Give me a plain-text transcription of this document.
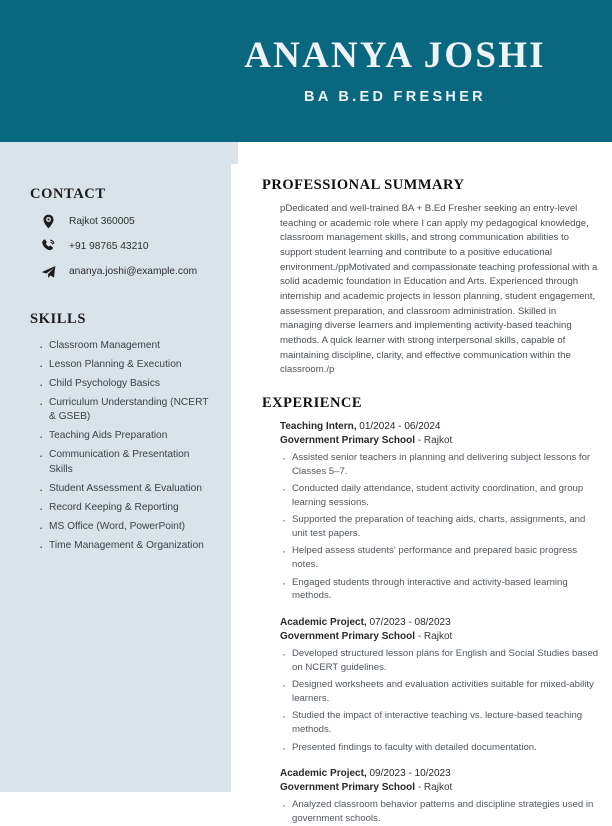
ANANYA JOSHI
BA B.ED FRESHER
CONTACT
Rajkot 360005
+91 98765 43210
ananya.joshi@example.com
SKILLS
· Classroom Management
· Lesson Planning & Execution
· Child Psychology Basics
· Curriculum Understanding (NCERT & GSEB)
· Teaching Aids Preparation
· Communication & Presentation Skills
· Student Assessment & Evaluation
· Record Keeping & Reporting
· MS Office (Word, PowerPoint)
· Time Management & Organization
PROFESSIONAL SUMMARY

pDedicated and well-trained BA + B.Ed Fresher seeking an entry-level teaching or academic role where I can apply my pedagogical knowledge, classroom management skills, and strong communication abilities to support student learning and contribute to a positive educational environment./ppMotivated and compassionate teaching professional with a solid academic foundation in Education and Arts. Experienced through internship and academic projects in lesson planning, student engagement, assessment preparation, and classroom administration. Skilled in managing diverse learners and implementing activity-based teaching methods. A quick learner with strong interpersonal skills, capable of maintaining discipline, clarity, and effective communication within the classroom./p

EXPERIENCE

Teaching Intern, 01/2024 - 06/2024

Government Primary School - Rajkot

· Assisted senior teachers in planning and delivering subject lessons for Classes 5–7.
· Conducted daily attendance, student activity coordination, and group learning sessions.
· Supported the preparation of teaching aids, charts, assignments, and unit test papers.
· Helped assess students' performance and prepared basic progress notes.
· Engaged students through interactive and activity-based learning methods.

Academic Project, 07/2023 - 08/2023

Government Primary School - Rajkot

· Developed structured lesson plans for English and Social Studies based on NCERT guidelines.
· Designed worksheets and evaluation activities suitable for mixed-ability learners.
· Studied the impact of interactive teaching vs. lecture-based teaching methods.
· Presented findings to faculty with detailed documentation.

Academic Project, 09/2023 - 10/2023

Government Primary School - Rajkot

· Analyzed classroom behavior patterns and discipline strategies used in government schools.
